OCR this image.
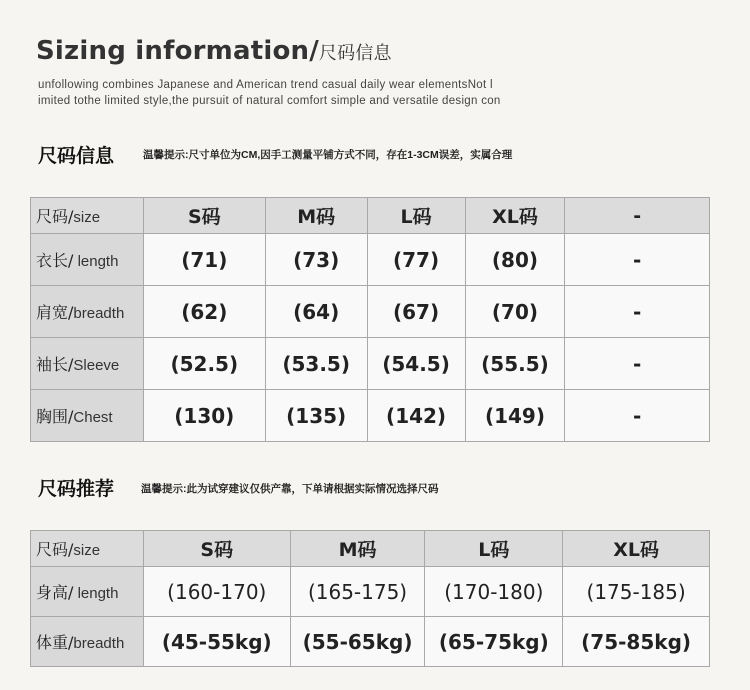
Sizing information/尺码信息
unfollowing combines Japanese and American trend casual daily wear elementsNot l
imited tothe limited style,the pursuit of natural comfort simple and versatile design con
尺码信息	温馨提示:尺寸单位为CM,因手工测量平铺方式不同，存在1-3CM误差，实属合理
尺码/size	S码	M码	L码	XL码	-
衣长/ length	(71)	(73)	(77)	(80)	-
肩宽/breadth	(62)	(64)	(67)	(70)	-
袖长/Sleeve	(52.5)	(53.5)	(54.5)	(55.5)	-
胸围/Chest	(130)	(135)	(142)	(149)	-
尺码推荐	温馨提示:此为试穿建议仅供产靠，下单请根据实际情况选择尺码
尺码/size	S码	M码	L码	XL码
身高/ length	(160-170)	(165-175)	(170-180)	(175-185)
体重/breadth	(45-55kg)	(55-65kg)	(65-75kg)	(75-85kg)
